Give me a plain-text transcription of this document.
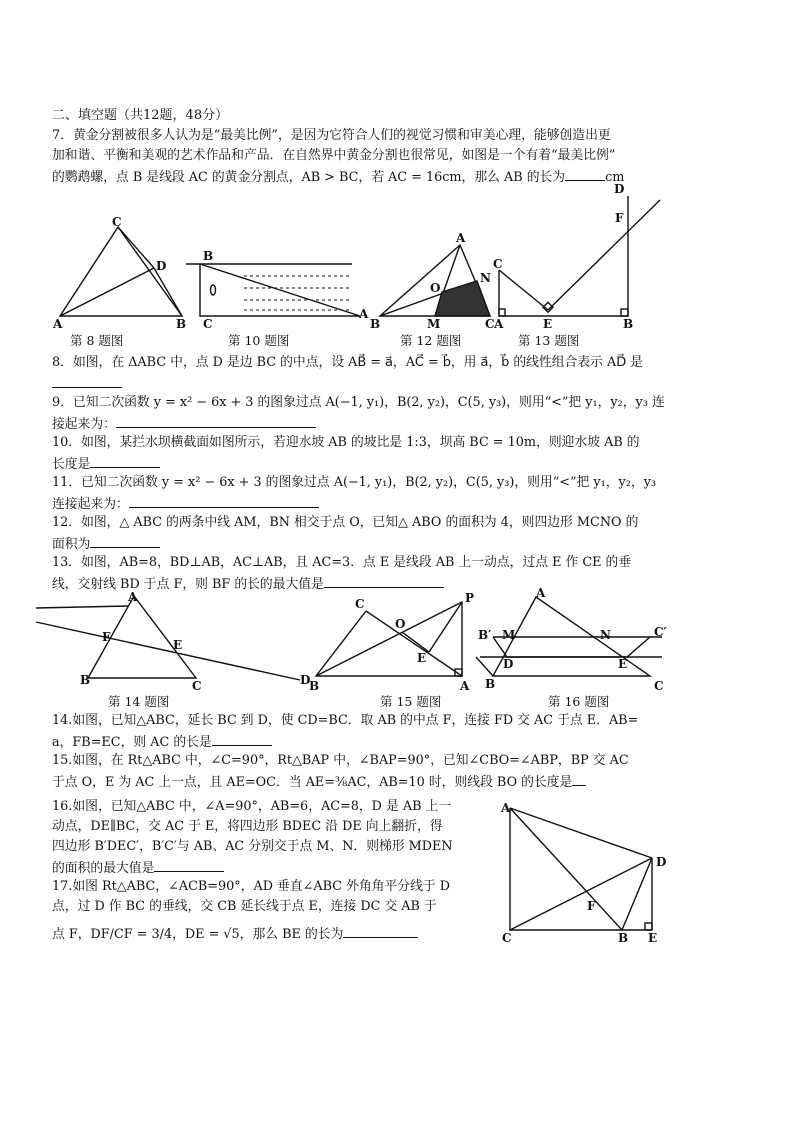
二、填空题（共12题，48分）
7．黄金分割被很多人认为是“最美比例”，是因为它符合人们的视觉习惯和审美心理，能够创造出更
加和谐、平衡和美观的艺术作品和产品．在自然界中黄金分割也很常见，如图是一个有着“最美比例”
的鹦鹉螺，点 B 是线段 AC 的黄金分割点，AB > BC，若 AC = 16cm，那么 AB 的长为	cm
C
D
A	B
B
C
A
A
N
O
B	M	C
D
F
C
A	E	B
第 8 题图	第 10 题图	第 12 题图	第 13 题图
8．如图，在 ΔABC 中，点 D 是边 BC 的中点，设 AB⃗ = a⃗，AC⃗ = b⃗，用 a⃗，b⃗ 的线性组合表示 AD⃗ 是
9．已知二次函数 y = x² − 6x + 3 的图象过点 A(−1, y₁)，B(2, y₂)，C(5, y₃)，则用“<”把 y₁，y₂，y₃ 连
接起来为：
10．如图，某拦水坝横截面如图所示，若迎水坡 AB 的坡比是 1:3，坝高 BC = 10m，则迎水坡 AB 的
长度是
11．已知二次函数 y = x² − 6x + 3 的图象过点 A(−1, y₁)，B(2, y₂)，C(5, y₃)，则用“<”把 y₁，y₂，y₃
连接起来为：
12．如图，△ ABC 的两条中线 AM，BN 相交于点 O，已知△ ABO 的面积为 4，则四边形 MCNO 的
面积为
13．如图，AB=8，BD⊥AB，AC⊥AB，且 AC=3．点 E 是线段 AB 上一动点，过点 E 作 CE 的垂
线，交射线 BD 于点 F，则 BF 的长的最大值是
A
F
E
B	C	D
C
O
P
E
B	A
A
B′ M	N	C′
D	E
B	C
第 14 题图	第 15 题图	第 16 题图
14.如图，已知△ABC，延长 BC 到 D，使 CD=BC．取 AB 的中点 F，连接 FD 交 AC 于点 E．AB=
a，FB=EC，则 AC 的长是
15.如图，在 Rt△ABC 中，∠C=90°，Rt△BAP 中，∠BAP=90°，已知∠CBO=∠ABP，BP 交 AC
于点 O，E 为 AC 上一点，且 AE=OC．当 AE=⅜AC，AB=10 时，则线段 BO 的长度是
16.如图，已知△ABC 中，∠A=90°，AB=6，AC=8，D 是 AB 上一
动点，DE∥BC，交 AC 于 E，将四边形 BDEC 沿 DE 向上翻折，得
四边形 B′DEC′，B′C′与 AB、AC 分别交于点 M、N．则梯形 MDEN
的面积的最大值是
17.如图 Rt△ABC，∠ACB=90°，AD 垂直∠ABC 外角角平分线于 D
点，过 D 作 BC 的垂线，交 CB 延长线于点 E，连接 DC 交 AB 于
点 F，DF/CF = 3/4，DE = √5，那么 BE 的长为
A
D
F
C	B E
